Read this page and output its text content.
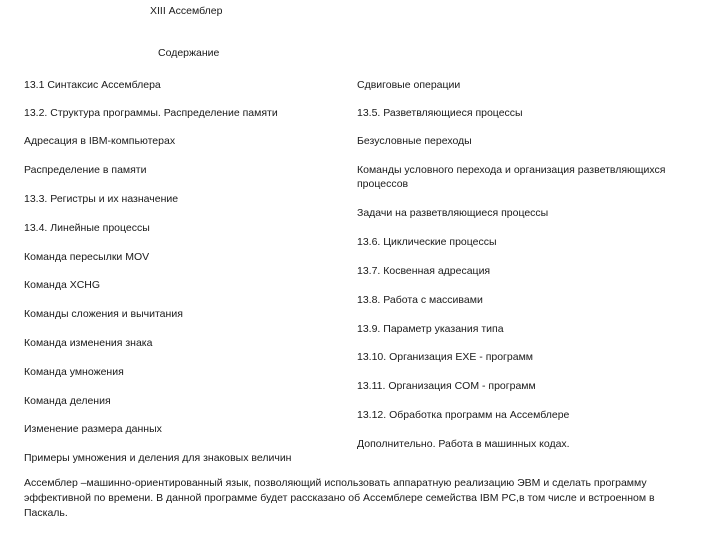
XIII Ассемблер
Содержание
13.1 Синтаксис Ассемблера
13.2. Структура программы. Распределение памяти
Адресация в IBM-компьютерах
Распределение в памяти
13.3. Регистры и их назначение
13.4. Линейные процессы
Команда пересылки MOV
Команда XCHG
Команды сложения и вычитания
Команда изменения знака
Команда умножения
Команда деления
Изменение размера данных
Примеры умножения и деления для знаковых величин
Сдвиговые операции
13.5. Разветвляющиеся процессы
Безусловные переходы
Команды условного перехода и организация разветвляющихся процессов
Задачи на разветвляющиеся процессы
13.6. Циклические процессы
13.7. Косвенная адресация
13.8. Работа с массивами
13.9. Параметр указания типа
13.10. Организация EXE - программ
13.11. Организация COM - программ
13.12. Обработка программ на Ассемблере
Дополнительно. Работа в машинных кодах.
Ассемблер –машинно-ориентированный язык, позволяющий использовать аппаратную реализацию ЭВМ и сделать программу эффективной по времени. В данной программе будет рассказано об Ассемблере семейства IBM PC,в том числе и встроенном в Паскаль.
